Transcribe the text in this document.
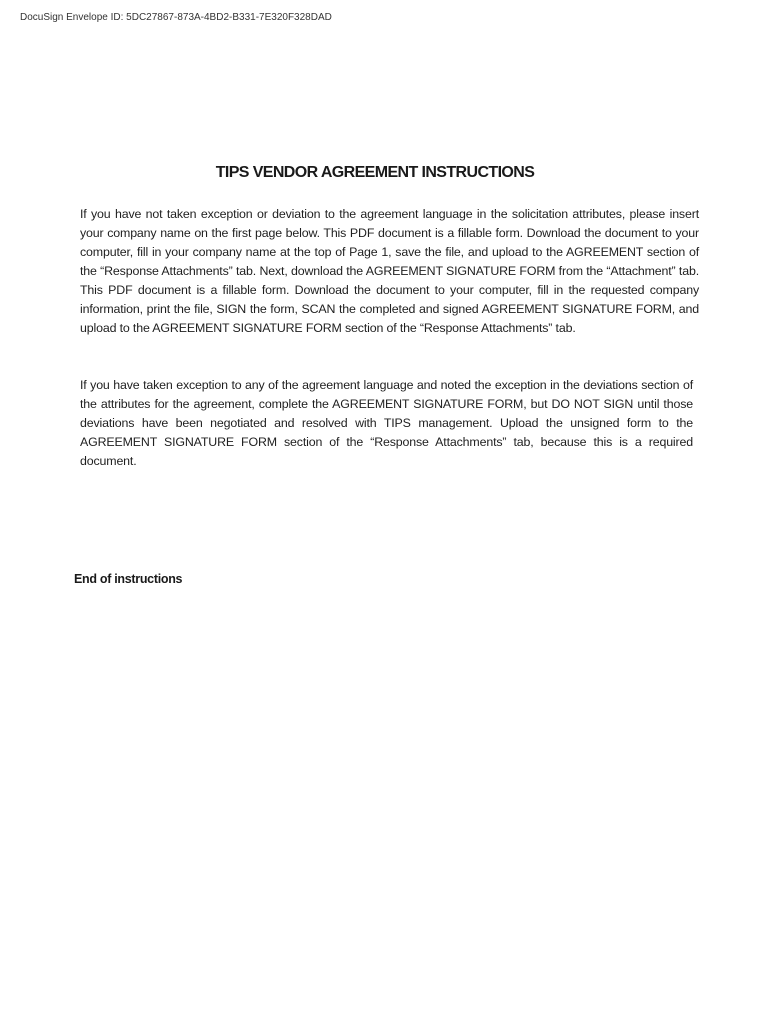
DocuSign Envelope ID: 5DC27867-873A-4BD2-B331-7E320F328DAD
TIPS VENDOR AGREEMENT INSTRUCTIONS

If you have not taken exception or deviation to the agreement language in the solicitation attributes, please insert your company name on the first page below. This PDF document is a fillable form. Download the document to your computer, fill in your company name at the top of Page 1, save the file, and upload to the AGREEMENT section of the “Response Attachments” tab. Next, download the AGREEMENT SIGNATURE FORM from the “Attachment” tab. This PDF document is a fillable form. Download the document to your computer, fill in the requested company information, print the file, SIGN the form, SCAN the completed and signed AGREEMENT SIGNATURE FORM, and upload to the AGREEMENT SIGNATURE FORM section of the “Response Attachments” tab.

If you have taken exception to any of the agreement language and noted the exception in the deviations section of the attributes for the agreement, complete the AGREEMENT SIGNATURE FORM, but DO NOT SIGN until those deviations have been negotiated and resolved with TIPS management. Upload the unsigned form to the AGREEMENT SIGNATURE FORM section of the “Response Attachments” tab, because this is a required document.

End of instructions
